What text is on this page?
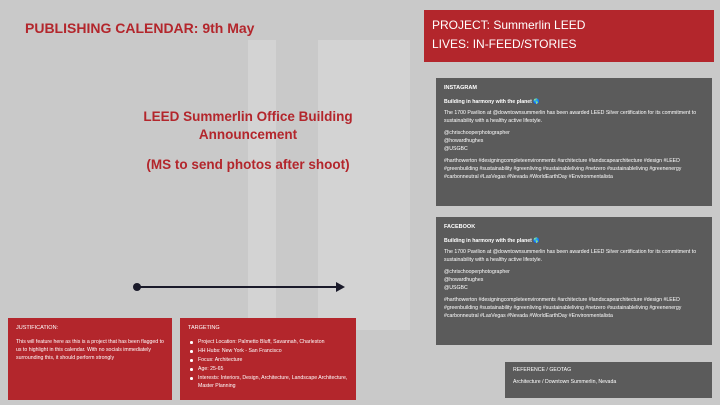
PUBLISHING CALENDAR: 9th May
LEED Summerlin Office Building Announcement
(MS to send photos after shoot)
PROJECT: Summerlin LEED
LIVES: IN-FEED/STORIES
INSTAGRAM
Building in harmony with the planet 🌎

The 1700 Pavilion at @downtownsummerlin has been awarded LEED Silver certification for its commitment to sustainability with a healthy active lifestyle.

@chrischooperphotographer
@howardhughes
@USGBC

#harthowerton #designingcompleteenvironments #architecture #landscapearchitecture #design #LEED #greenbuilding #sustainability #greenliving #sustainableliving #netzero #sustainableliving #greenenergy #carbonneutral #LasVegas #Nevada #WorldEarthDay #Environmentalista

FACEBOOK
Building in harmony with the planet 🌎

The 1700 Pavilion at @downtownsummerlin has been awarded LEED Silver certification for its commitment to sustainability with a healthy active lifestyle.

@chrischooperphotographer
@howardhughes
@USGBC

#harthowerton #designingcompleteenvironments #architecture #landscapearchitecture #design #LEED #greenbuilding #sustainability #greenliving #sustainableliving #netzero #sustainableliving #greenenergy #carbonneutral #LasVegas #Nevada #WorldEarthDay #Environmentalista

REFERENCE / GEOTAG
Architecture / Downtown Summerlin, Nevada
JUSTIFICATION:
This will feature here as this is a project that has been flagged to us to highlight in this calendar. With no socials immediately surrounding this, it should perform strongly
TARGETING
Project Location: Palmetto Bluff, Savannah, Charleston
HH Hubs: New York - San Francisco
Focus: Architecture
Age: 25-65
Interests: Interiors, Design, Architecture, Landscape Architecture, Master Planning
